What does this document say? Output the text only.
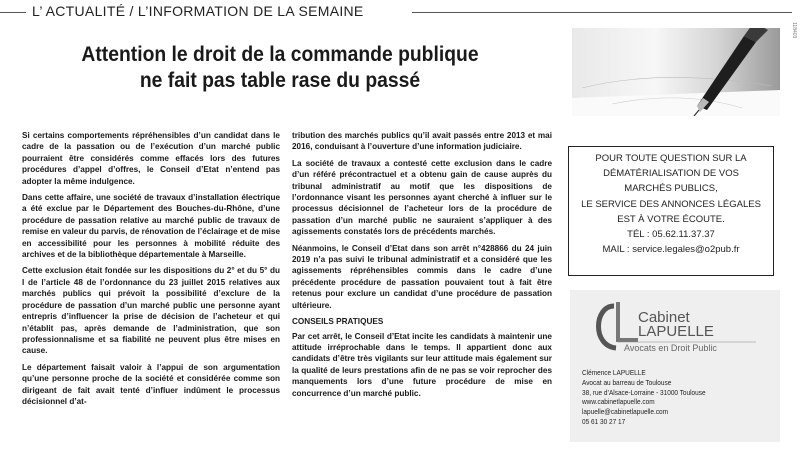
L’ ACTUALITÉ / L’INFORMATION DE LA SEMAINE
118403
Attention le droit de la commande publique
ne fait pas table rase du passé

Si certains comportements répréhensibles d’un candidat dans le cadre de la passation ou de l’exécution d’un marché public pourraient être considérés comme effacés lors des futures procédures d’appel d’offres, le Conseil d’Etat n’entend pas adopter la même indulgence.

Dans cette affaire, une société de travaux d’installation électrique a été exclue par le Département des Bouches-du-Rhône, d’une procédure de passation relative au marché public de travaux de remise en valeur du parvis, de rénovation de l’éclairage et de mise en accessibilité pour les personnes à mobilité réduite des archives et de la bibliothèque départementale à Marseille.

Cette exclusion était fondée sur les dispositions du 2° et du 5° du I de l’article 48 de l’ordonnance du 23 juillet 2015 relatives aux marchés publics qui prévoit la possibilité d’exclure de la procédure de passation d’un marché public une personne ayant entrepris d’influencer la prise de décision de l’acheteur et qui n’établit pas, après demande de l’administration, que son professionnalisme et sa fiabilité ne peuvent plus être mises en cause.

Le département faisait valoir à l’appui de son argumentation qu’une personne proche de la société et considérée comme son dirigeant de fait avait tenté d’influer indûment le processus décisionnel d’at-

tribution des marchés publics qu’il avait passés entre 2013 et mai 2016, conduisant à l’ouverture d’une information judiciaire.

La société de travaux a contesté cette exclusion dans le cadre d’un référé précontractuel et a obtenu gain de cause auprès du tribunal administratif au motif que les dispositions de l’ordonnance visant les personnes ayant cherché à influer sur le processus décisionnel de l’acheteur lors de la procédure de passation d’un marché public ne sauraient s’appliquer à des agissements constatés lors de précédents marchés.

Néanmoins, le Conseil d’Etat dans son arrêt n°428866 du 24 juin 2019 n’a pas suivi le tribunal administratif et a considéré que les agissements répréhensibles commis dans le cadre d’une précédente procédure de passation pouvaient tout à fait être retenus pour exclure un candidat d’une procédure de passation ultérieure.

CONSEILS PRATIQUES

Par cet arrêt, le Conseil d’Etat incite les candidats à maintenir une attitude irréprochable dans le temps. Il appartient donc aux candidats d’être très vigilants sur leur attitude mais également sur la qualité de leurs prestations afin de ne pas se voir reprocher des manquements lors d’une future procédure de mise en concurrence d’un marché public.

POUR TOUTE QUESTION SUR LA
DÉMATÉRIALISATION DE VOS
MARCHÉS PUBLICS,
LE SERVICE DES ANNONCES LÉGALES
EST À VOTRE ÉCOUTE.
TÉL : 05.62.11.37.37
MAIL : service.legales@o2pub.fr
Cabinet
LAPUELLE
Avocats en Droit Public
Clémence LAPUELLE
Avocat au barreau de Toulouse
38, rue d’Alsace-Lorraine - 31000 Toulouse
www.cabinetlapuelle.com
lapuelle@cabinetlapuelle.com
05 61 30 27 17
